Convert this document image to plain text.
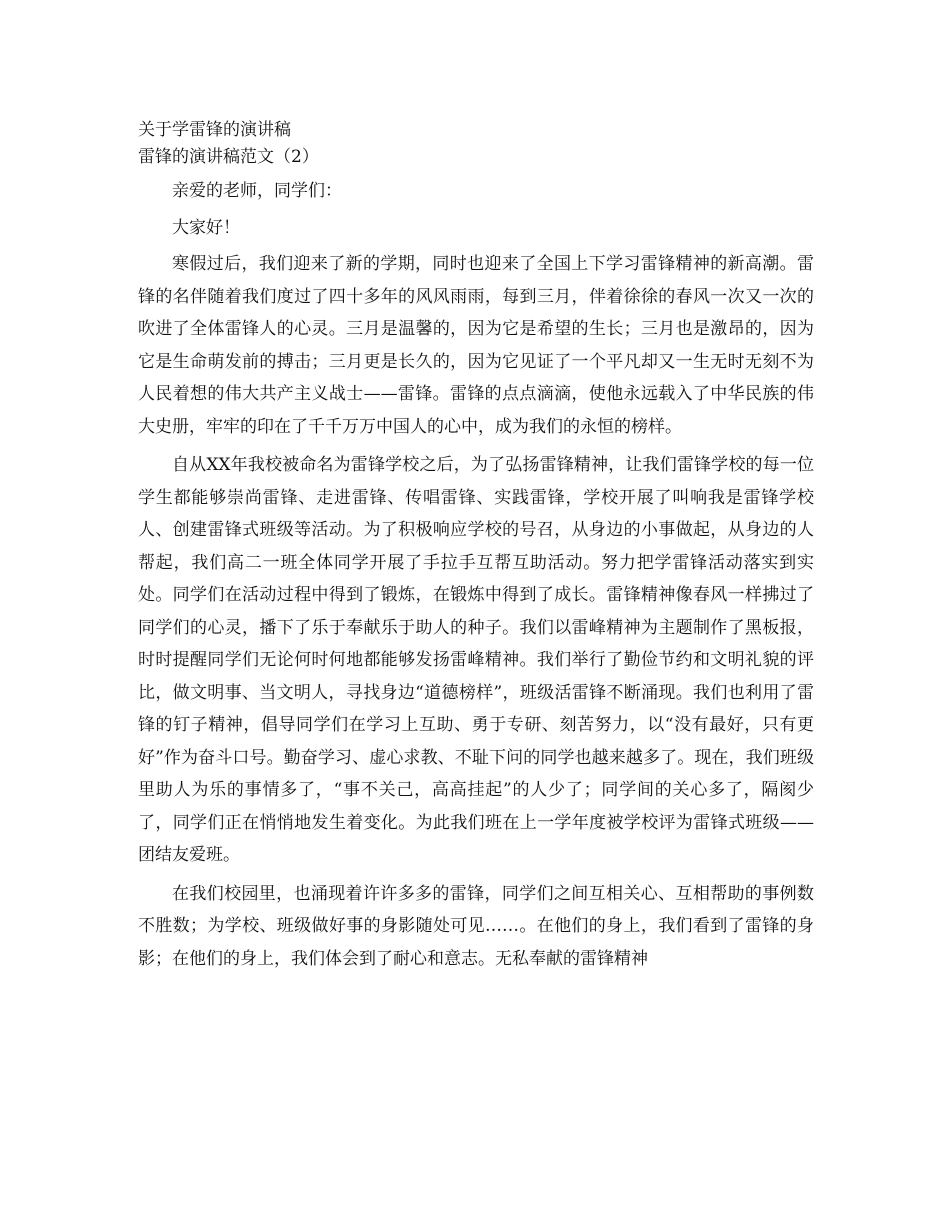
关于学雷锋的演讲稿

雷锋的演讲稿范文（2）

亲爱的老师，同学们：

大家好！

寒假过后，我们迎来了新的学期，同时也迎来了全国上下学习雷锋精神的新高潮。雷锋的名伴随着我们度过了四十多年的风风雨雨，每到三月，伴着徐徐的春风一次又一次的吹进了全体雷锋人的心灵。三月是温馨的，因为它是希望的生长；三月也是激昂的，因为它是生命萌发前的搏击；三月更是长久的，因为它见证了一个平凡却又一生无时无刻不为人民着想的伟大共产主义战士——雷锋。雷锋的点点滴滴，使他永远载入了中华民族的伟大史册，牢牢的印在了千千万万中国人的心中，成为我们的永恒的榜样。

自从XX年我校被命名为雷锋学校之后，为了弘扬雷锋精神，让我们雷锋学校的每一位学生都能够崇尚雷锋、走进雷锋、传唱雷锋、实践雷锋，学校开展了叫响我是雷锋学校人、创建雷锋式班级等活动。为了积极响应学校的号召，从身边的小事做起，从身边的人帮起，我们高二一班全体同学开展了手拉手互帮互助活动。努力把学雷锋活动落实到实处。同学们在活动过程中得到了锻炼，在锻炼中得到了成长。雷锋精神像春风一样拂过了同学们的心灵，播下了乐于奉献乐于助人的种子。我们以雷峰精神为主题制作了黑板报，时时提醒同学们无论何时何地都能够发扬雷峰精神。我们举行了勤俭节约和文明礼貌的评比，做文明事、当文明人，寻找身边“道德榜样”，班级活雷锋不断涌现。我们也利用了雷锋的钉子精神，倡导同学们在学习上互助、勇于专研、刻苦努力，以“没有最好，只有更好”作为奋斗口号。勤奋学习、虚心求教、不耻下问的同学也越来越多了。现在，我们班级里助人为乐的事情多了，“事不关己，高高挂起”的人少了；同学间的关心多了，隔阂少了，同学们正在悄悄地发生着变化。为此我们班在上一学年度被学校评为雷锋式班级——团结友爱班。

在我们校园里，也涌现着许许多多的雷锋，同学们之间互相关心、互相帮助的事例数不胜数；为学校、班级做好事的身影随处可见……。在他们的身上，我们看到了雷锋的身影；在他们的身上，我们体会到了耐心和意志。无私奉献的雷锋精神
